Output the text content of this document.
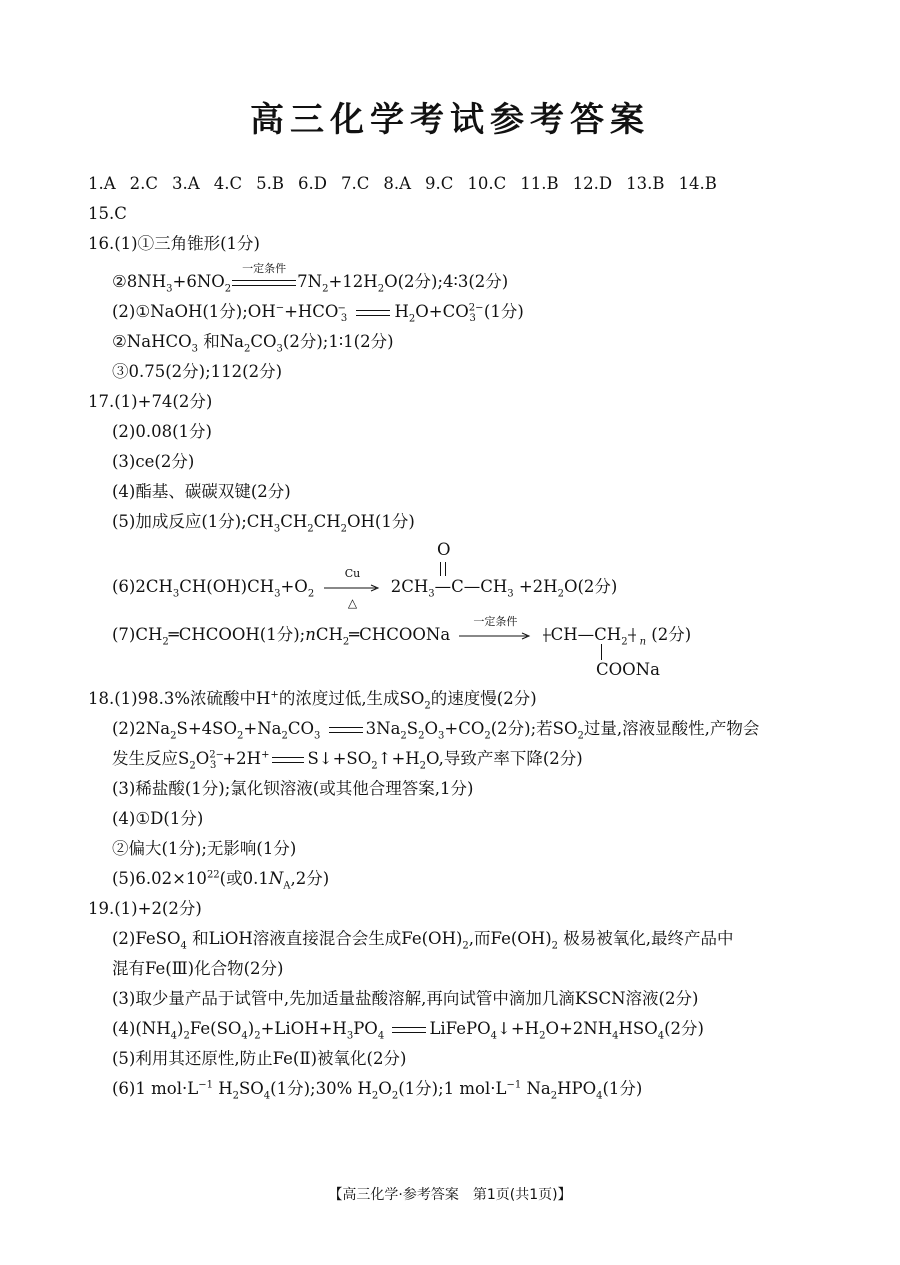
高三化学考试参考答案
1.A 2.C 3.A 4.C 5.B 6.D 7.C 8.A 9.C 10.C 11.B 12.D 13.B 14.B
15.C
16.(1)①三角锥形(1分)
$②8NH_3+6NO_2$
一定条件
$7N_2+12H_2O(2$分);4∶3(2分)
(2)①NaOH(1分)$;OH^-+HCO^-_3$	$H_2O+CO^{2-}_3$ (1分)
②NaHCO$_3$ 和$Na_2CO_3(2$分);1∶1(2分)
③0.75(2分);112(2分)
17.(1)+74(2分)
(2)0.08(1分)
(3)ce(2分)
(4)酯基、碳碳双键(2分)
(5)加成反应(1分)$;CH_3CH_2CH_2OH(1$分)
O
$(6)2CH_3CH(OH)CH_3+O_2$
Cu
△
$2CH_3—C—CH_3 +2H_2O(2$分)
$(7)CH_2═CHCOOH(1$分);nCH$_2$═CHCOONa
一定条件
$CH—CH_2$ $_n$ (2分)
COONa
18.(1)98.3%浓硫酸中H+的浓度过低,生成$SO_2$的速度慢(2分)
$(2)2Na_2S+4SO_2+Na_2CO_3$	$3Na_2S_2O_3+CO_2(2$分);若$SO_2$过量,溶液显酸性,产物会
发生反应$S_2O^{2-}_3 +2H^+$ $S↓+SO_2↑+H_2O$,导致产率下降(2分)
(3)稀盐酸(1分);氯化钡溶液(或其他合理答案,1分)
(4)①D(1分)
②偏大(1分);无影响(1分)
$(5)6.02\times 10^{22}$(或$0.1N_A,2$分)
19.(1)+2(2分)
(2)FeSO$_4$ 和LiOH溶液直接混合会生成$Fe(OH)_2$,而$Fe(OH)_2$ 极易被氧化,最终产品中
混有Fe(Ⅲ)化合物(2分)
(3)取少量产品于试管中,先加适量盐酸溶解,再向试管中滴加几滴KSCN溶液(2分)
$(4)(NH_4)_2Fe(SO_4)_2+LiOH+H_3PO_4$	$LiFePO_4↓+H_2O+2NH_4HSO_4(2$分)
(5)利用其还原性,防止Fe(Ⅱ)被氧化(2分)
(6)1 $mol\cdot L^{-1}$ $H_2SO_4(1$分);30% $H_2O_2(1$分);1 $mol\cdot L^{-1}$ $Na_2HPO_4(1$分)
【高三化学·参考答案　第1页(共1页)】
